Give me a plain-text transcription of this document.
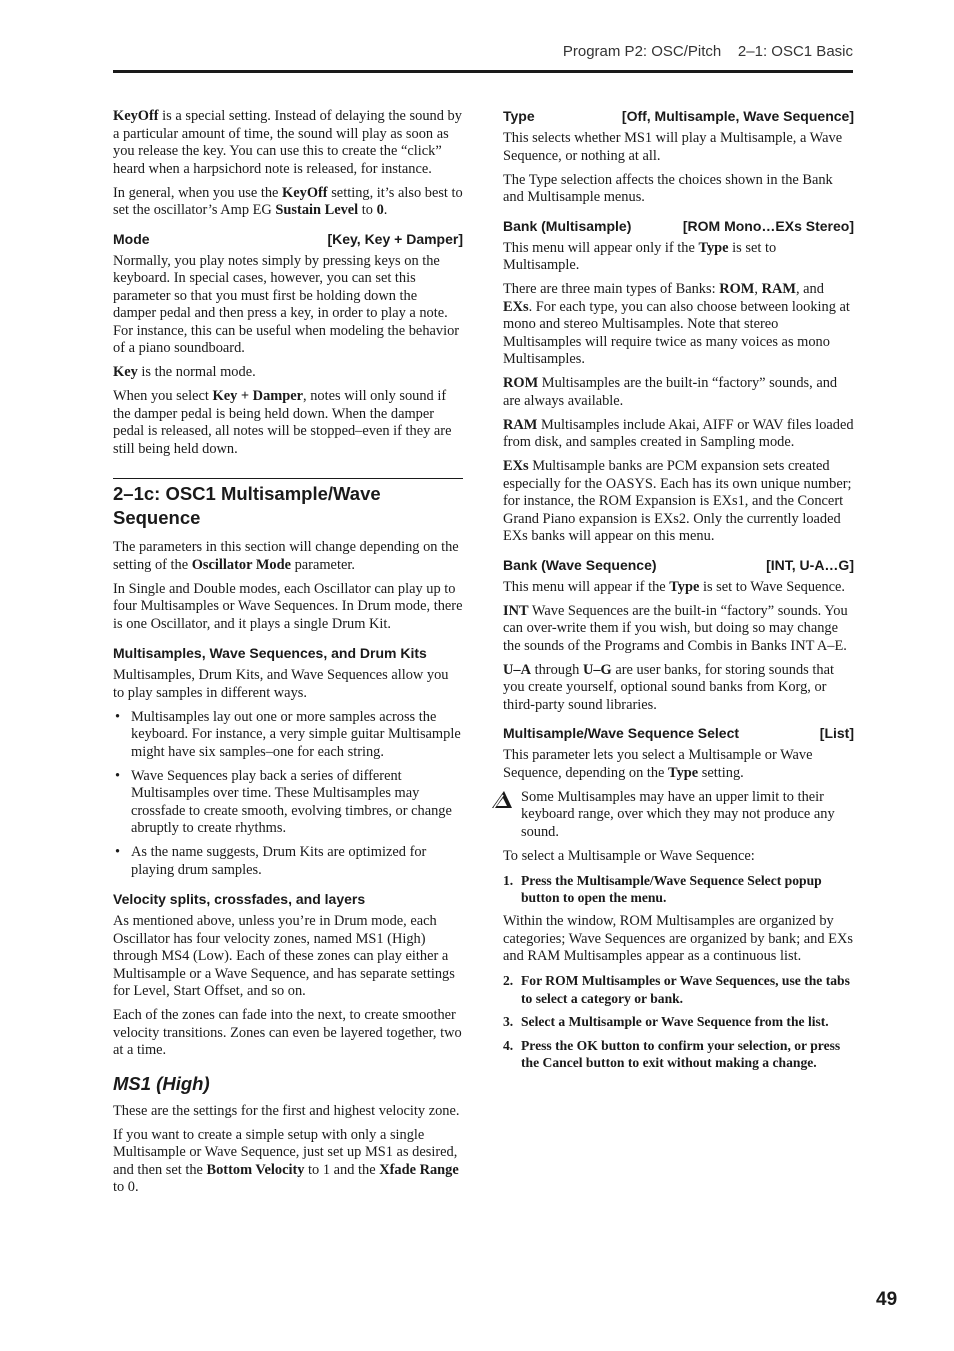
Program P2: OSC/Pitch    2–1: OSC1 Basic

KeyOff is a special setting. Instead of delaying the sound by a particular amount of time, the sound will play as soon as you release the key. You can use this to create the “click” heard when a harpsichord note is released, for instance.

In general, when you use the KeyOff setting, it’s also best to set the oscillator’s Amp EG Sustain Level to 0.

Mode	[Key, Key + Damper]

Normally, you play notes simply by pressing keys on the keyboard. In special cases, however, you can set this parameter so that you must first be holding down the damper pedal and then press a key, in order to play a note. For instance, this can be useful when modeling the behavior of a piano soundboard.

Key is the normal mode.

When you select Key + Damper, notes will only sound if the damper pedal is being held down. When the damper pedal is released, all notes will be stopped–even if they are still being held down.

2–1c: OSC1 Multisample/Wave Sequence

The parameters in this section will change depending on the setting of the Oscillator Mode parameter.

In Single and Double modes, each Oscillator can play up to four Multisamples or Wave Sequences. In Drum mode, there is one Oscillator, and it plays a single Drum Kit.

Multisamples, Wave Sequences, and Drum Kits

Multisamples, Drum Kits, and Wave Sequences allow you to play samples in different ways.

• Multisamples lay out one or more samples across the keyboard. For instance, a very simple guitar Multisample might have six samples–one for each string.
• Wave Sequences play back a series of different Multisamples over time. These Multisamples may crossfade to create smooth, evolving timbres, or change abruptly to create rhythms.
• As the name suggests, Drum Kits are optimized for playing drum samples.
Velocity splits, crossfades, and layers

As mentioned above, unless you’re in Drum mode, each Oscillator has four velocity zones, named MS1 (High) through MS4 (Low). Each of these zones can play either a Multisample or a Wave Sequence, and has separate settings for Level, Start Offset, and so on.

Each of the zones can fade into the next, to create smoother velocity transitions. Zones can even be layered together, two at a time.

MS1 (High)

These are the settings for the first and highest velocity zone.

If you want to create a simple setup with only a single Multisample or Wave Sequence, just set up MS1 as desired, and then set the Bottom Velocity to 1 and the Xfade Range to 0.

Type	[Off, Multisample, Wave Sequence]

This selects whether MS1 will play a Multisample, a Wave Sequence, or nothing at all.

The Type selection affects the choices shown in the Bank and Multisample menus.

Bank (Multisample)	[ROM Mono…EXs Stereo]

This menu will appear only if the Type is set to Multisample.

There are three main types of Banks: ROM, RAM, and EXs. For each type, you can also choose between looking at mono and stereo Multisamples. Note that stereo Multisamples will require twice as many voices as mono Multisamples.

ROM Multisamples are the built-in “factory” sounds, and are always available.

RAM Multisamples include Akai, AIFF or WAV files loaded from disk, and samples created in Sampling mode.

EXs Multisample banks are PCM expansion sets created especially for the OASYS. Each has its own unique number; for instance, the ROM Expansion is EXs1, and the Concert Grand Piano expansion is EXs2. Only the currently loaded EXs banks will appear on this menu.

Bank (Wave Sequence)	[INT, U-A…G]

This menu will appear if the Type is set to Wave Sequence.

INT Wave Sequences are the built-in “factory” sounds. You can over-write them if you wish, but doing so may change the sounds of the Programs and Combis in Banks INT A–E.

U–A through U–G are user banks, for storing sounds that you create yourself, optional sound banks from Korg, or third-party sound libraries.

Multisample/Wave Sequence Select	[List]

This parameter lets you select a Multisample or Wave Sequence, depending on the Type setting.

Some Multisamples may have an upper limit to their keyboard range, over which they may not produce any sound.

To select a Multisample or Wave Sequence:

1. Press the Multisample/Wave Sequence Select popup button to open the menu.

Within the window, ROM Multisamples are organized by categories; Wave Sequences are organized by bank; and EXs and RAM Multisamples appear as a continuous list.

2. For ROM Multisamples or Wave Sequences, use the tabs to select a category or bank.
3. Select a Multisample or Wave Sequence from the list.
4. Press the OK button to confirm your selection, or press the Cancel button to exit without making a change.
49
